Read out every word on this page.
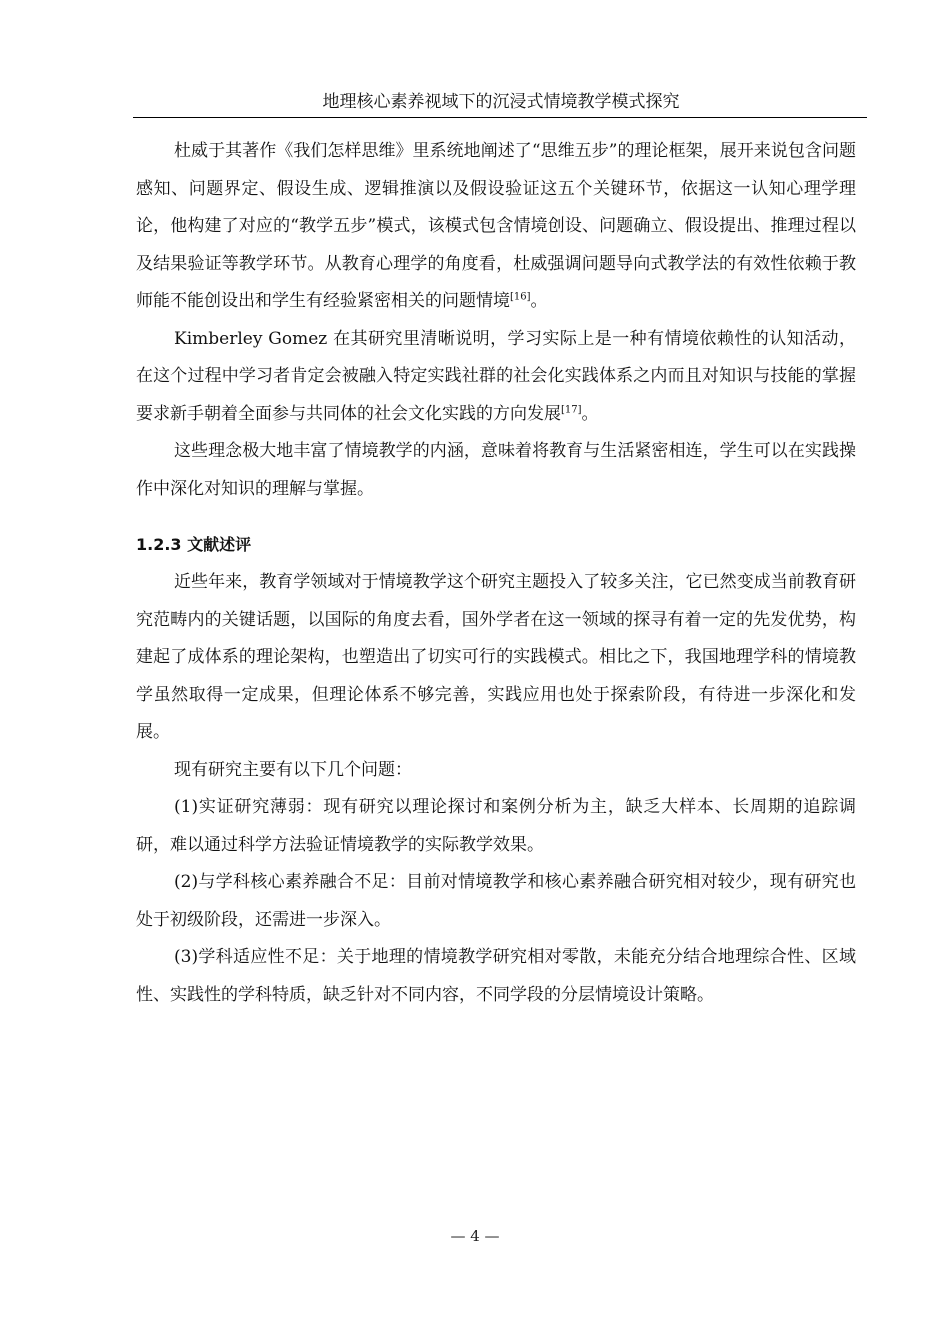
地理核心素养视域下的沉浸式情境教学模式探究

杜威于其著作《我们怎样思维》里系统地阐述了“思维五步”的理论框架，展开来说包含问题感知、问题界定、假设生成、逻辑推演以及假设验证这五个关键环节，依据这一认知心理学理论，他构建了对应的“教学五步”模式，该模式包含情境创设、问题确立、假设提出、推理过程以及结果验证等教学环节。从教育心理学的角度看，杜威强调问题导向式教学法的有效性依赖于教师能不能创设出和学生有经验紧密相关的问题情境[16]。

Kimberley Gomez 在其研究里清晰说明，学习实际上是一种有情境依赖性的认知活动，在这个过程中学习者肯定会被融入特定实践社群的社会化实践体系之内而且对知识与技能的掌握要求新手朝着全面参与共同体的社会文化实践的方向发展[17]。

这些理念极大地丰富了情境教学的内涵，意味着将教育与生活紧密相连，学生可以在实践操作中深化对知识的理解与掌握。

1.2.3 文献述评

近些年来，教育学领域对于情境教学这个研究主题投入了较多关注，它已然变成当前教育研究范畴内的关键话题，以国际的角度去看，国外学者在这一领域的探寻有着一定的先发优势，构建起了成体系的理论架构，也塑造出了切实可行的实践模式。相比之下，我国地理学科的情境教学虽然取得一定成果，但理论体系不够完善，实践应用也处于探索阶段，有待进一步深化和发展。

现有研究主要有以下几个问题：

(1)实证研究薄弱：现有研究以理论探讨和案例分析为主，缺乏大样本、长周期的追踪调研，难以通过科学方法验证情境教学的实际教学效果。

(2)与学科核心素养融合不足：目前对情境教学和核心素养融合研究相对较少，现有研究也处于初级阶段，还需进一步深入。

(3)学科适应性不足：关于地理的情境教学研究相对零散，未能充分结合地理综合性、区域性、实践性的学科特质，缺乏针对不同内容，不同学段的分层情境设计策略。

— 4 —
